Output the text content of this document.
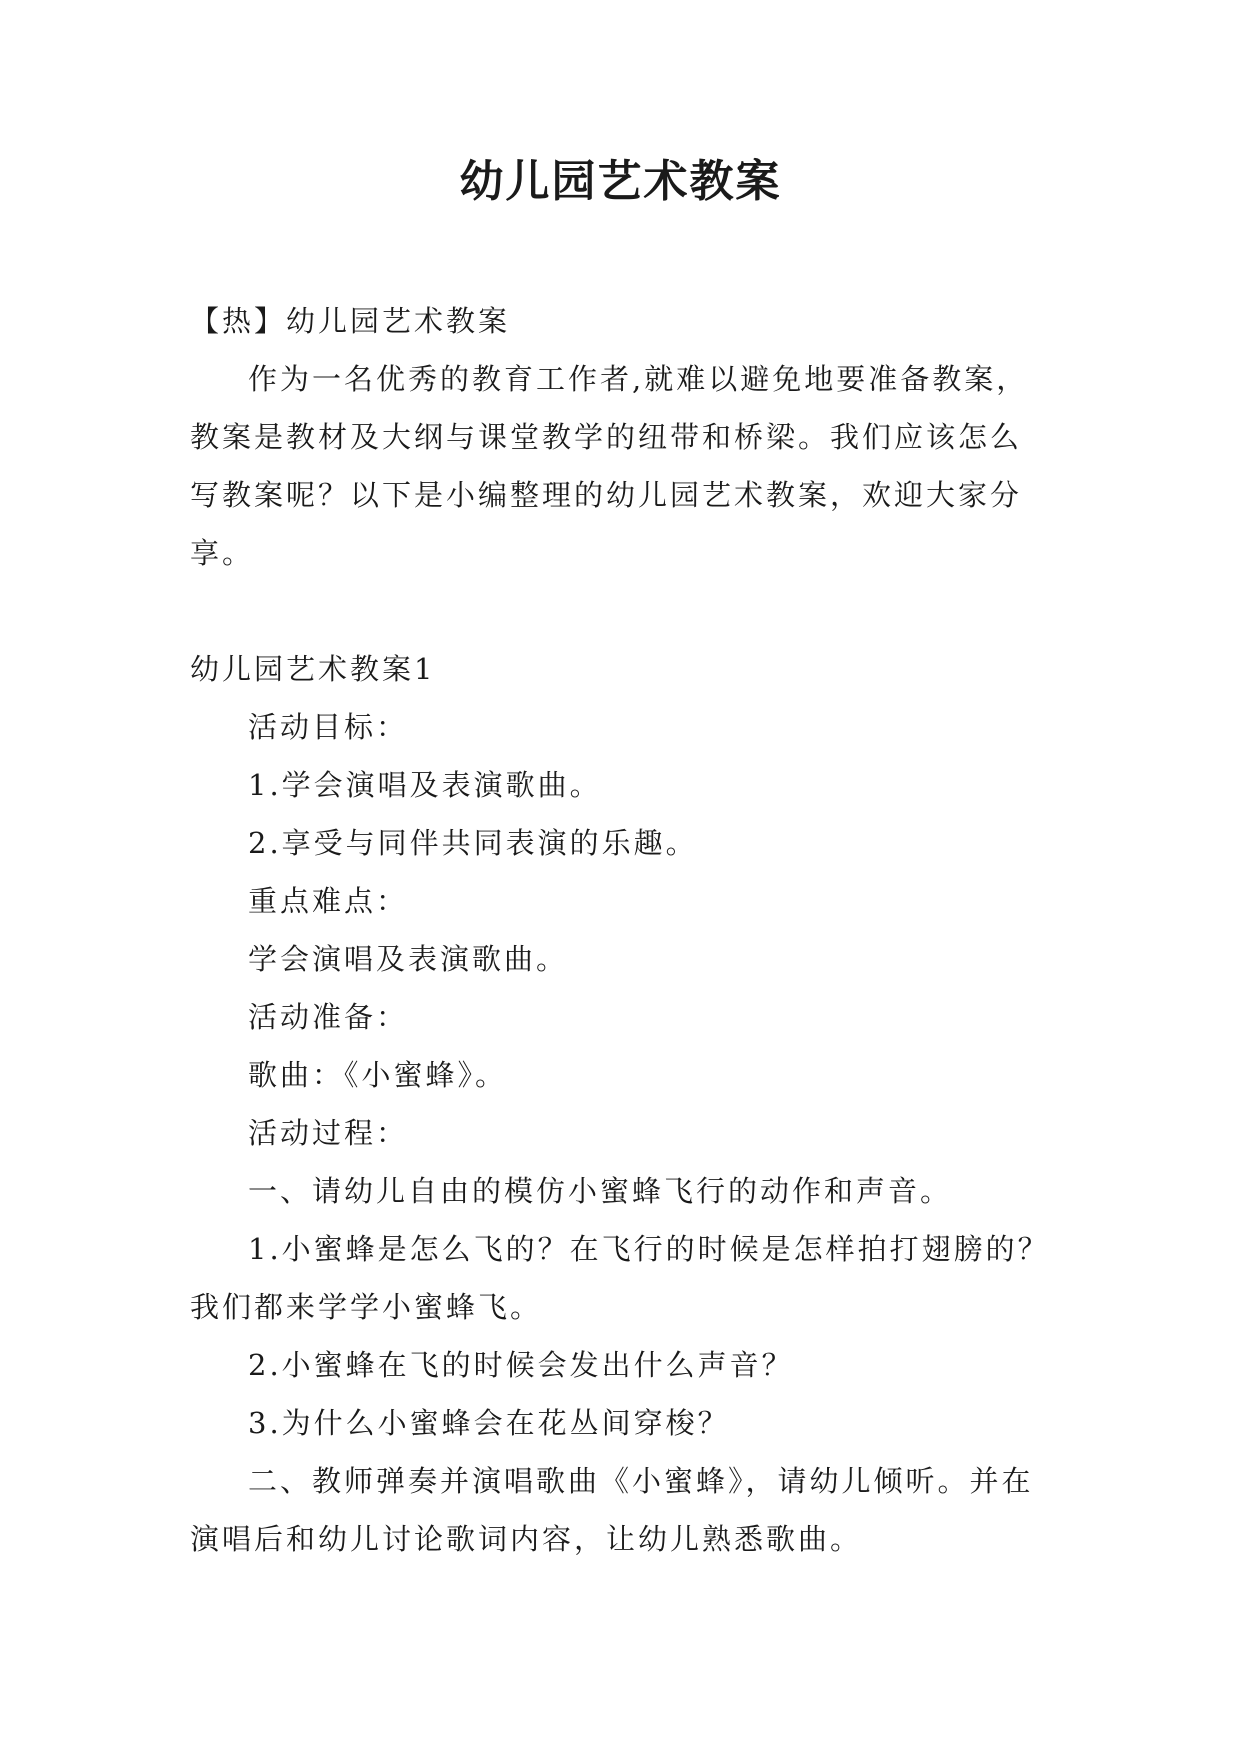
幼儿园艺术教案

【热】幼儿园艺术教案

作为一名优秀的教育工作者,就难以避免地要准备教案，教案是教材及大纲与课堂教学的纽带和桥梁。我们应该怎么写教案呢？以下是小编整理的幼儿园艺术教案，欢迎大家分享。

幼儿园艺术教案1

活动目标：

1.学会演唱及表演歌曲。

2.享受与同伴共同表演的乐趣。

重点难点：

学会演唱及表演歌曲。

活动准备：

歌曲：《小蜜蜂》。

活动过程：

一、请幼儿自由的模仿小蜜蜂飞行的动作和声音。

1.小蜜蜂是怎么飞的？在飞行的时候是怎样拍打翅膀的？我们都来学学小蜜蜂飞。

2.小蜜蜂在飞的时候会发出什么声音？

3.为什么小蜜蜂会在花丛间穿梭？

二、教师弹奏并演唱歌曲《小蜜蜂》，请幼儿倾听。并在演唱后和幼儿讨论歌词内容，让幼儿熟悉歌曲。
